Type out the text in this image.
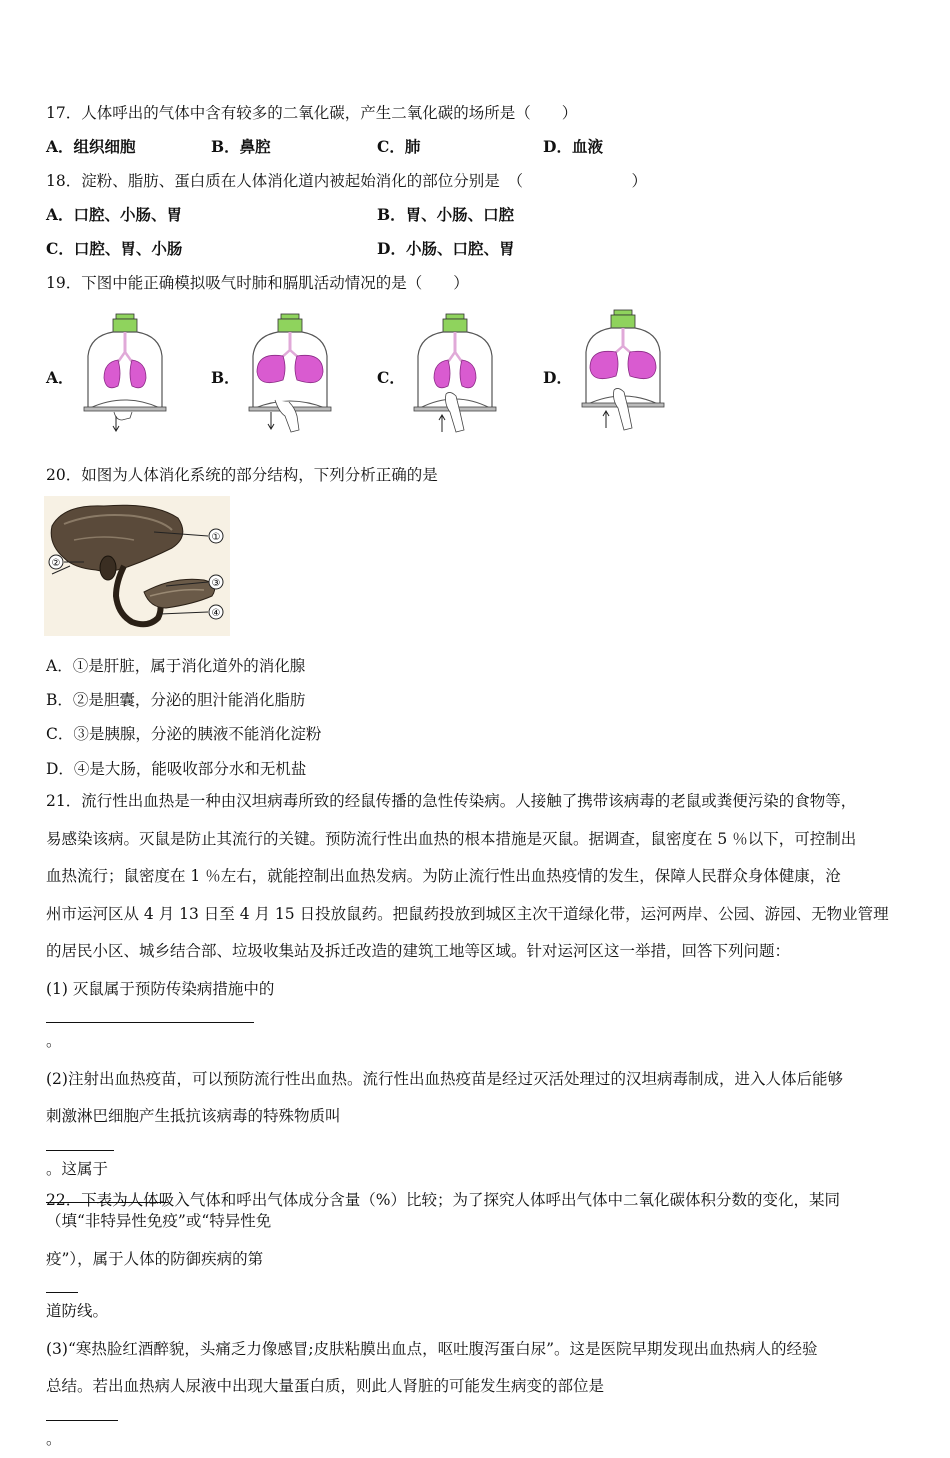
17．人体呼出的气体中含有较多的二氧化碳，产生二氧化碳的场所是（　　）
A．组织细胞	B．鼻腔	C．肺	D．血液
18．淀粉、脂肪、蛋白质在人体消化道内被起始消化的部位分别是　（　　　　　　　）
A．口腔、小肠、胃	B．胃、小肠、口腔
C．口腔、胃、小肠	D．小肠、口腔、胃
19．下图中能正确模拟吸气时肺和膈肌活动情况的是（　　）
A．	B．	C．	D．
20．如图为人体消化系统的部分结构，下列分析正确的是
①
②
③
④
A．①是肝脏，属于消化道外的消化腺
B．②是胆囊，分泌的胆汁能消化脂肪
C．③是胰腺，分泌的胰液不能消化淀粉
D．④是大肠，能吸收部分水和无机盐
21．流行性出血热是一种由汉坦病毒所致的经鼠传播的急性传染病。人接触了携带该病毒的老鼠或粪便污染的食物等，
易感染该病。灭鼠是防止其流行的关键。预防流行性出血热的根本措施是灭鼠。据调查，鼠密度在 5 ％以下，可控制出
血热流行；鼠密度在 1 ％左右，就能控制出血热发病。为防止流行性出血热疫情的发生，保障人民群众身体健康，沧
州市运河区从 4 月 13 日至 4 月 15 日投放鼠药。把鼠药投放到城区主次干道绿化带，运河两岸、公园、游园、无物业管理
的居民小区、城乡结合部、垃圾收集站及拆迁改造的建筑工地等区域。针对运河区这一举措，回答下列问题：
(1) 灭鼠属于预防传染病措施中的
。
(2)注射出血热疫苗，可以预防流行性出血热。流行性出血热疫苗是经过灭活处理过的汉坦病毒制成，进入人体后能够
刺激淋巴细胞产生抵抗该病毒的特殊物质叫
。这属于
（填“非特异性免疫”或“特异性免
疫”），属于人体的防御疾病的第
道防线。
(3)“寒热脸红酒醉貌，头痛乏力像感冒;皮肤粘膜出血点，呕吐腹泻蛋白尿”。这是医院早期发现出血热病人的经验
总结。若出血热病人尿液中出现大量蛋白质，则此人肾脏的可能发生病变的部位是
。
22．下表为人体吸入气体和呼出气体成分含量（%）比较；为了探究人体呼出气体中二氧化碳体积分数的变化，某同
